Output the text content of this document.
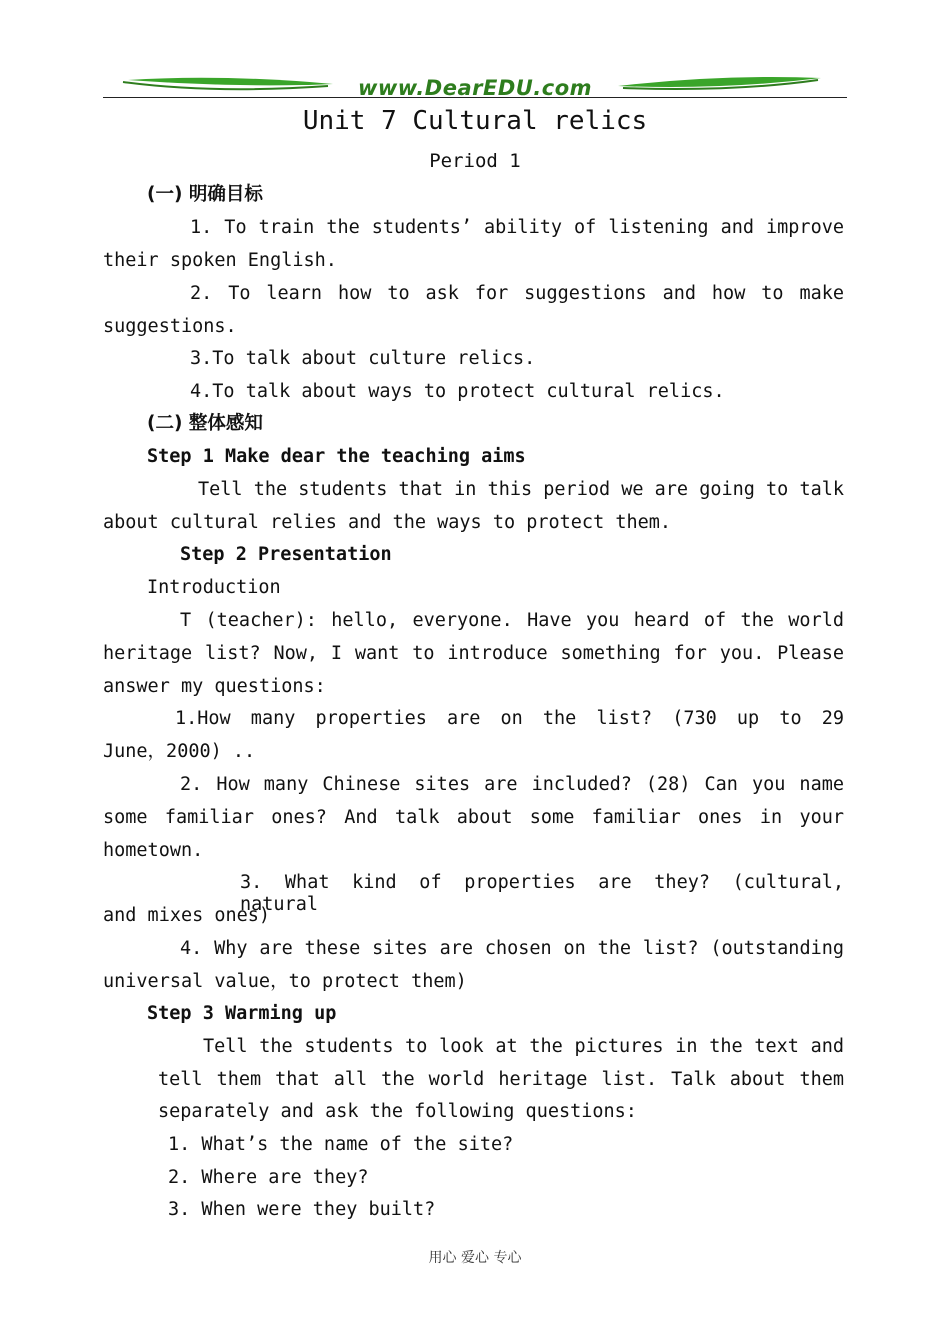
www.DearEDU.com
Unit 7 Cultural relics
Period 1
(一) 明确目标
1. To train the students’ ability of listening and improve
their spoken English.
2. To learn how to ask for suggestions and how to make
suggestions.
3.To talk about culture relics.
4.To talk about ways to protect cultural relics.
(二) 整体感知
Step 1 Make dear the teaching aims
Tell the students that in this period we are going to talk
about cultural relies and the ways to protect them.
Step 2 Presentation
Introduction
T (teacher): hello, everyone. Have you heard of the world
heritage list? Now, I want to introduce something for you. Please
answer my questions:
1.How many properties are on the list? (730 up to 29
June，2000) ..
2. How many Chinese sites are included? (28) Can you name
some familiar ones? And talk about some familiar ones in your
hometown.
3. What kind of properties are they? (cultural, natural
and mixes ones)
4. Why are these sites are chosen on the list? (outstanding
universal value，to protect them)
Step 3 Warming up
Tell the students to look at the pictures in the text and
tell them that all the world heritage list. Talk about them
separately and ask the following questions:
1. What’s the name of the site?
2. Where are they?
3. When were they built?
用心 爱心 专心
